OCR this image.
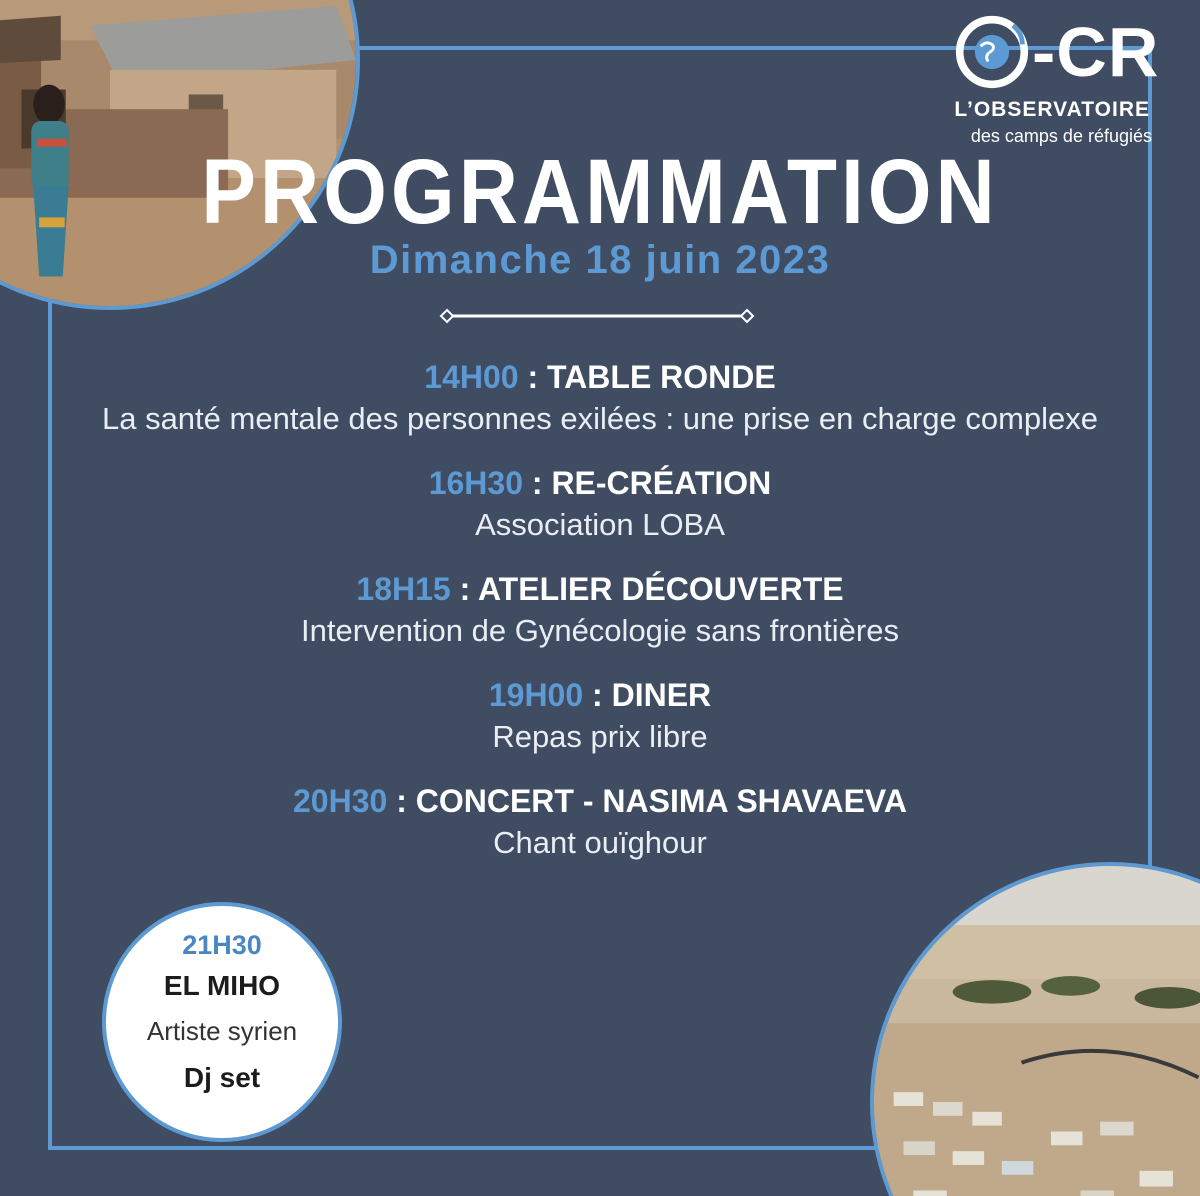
-CR
L’OBSERVATOIRE
des camps de réfugiés
PROGRAMMATION
Dimanche 18 juin 2023
14H00 : TABLE RONDE
La santé mentale des personnes exilées : une prise en charge complexe
16H30 : RE-CRÉATION
Association LOBA
18H15 : ATELIER DÉCOUVERTE
Intervention de Gynécologie sans frontières
19H00 : DINER
Repas prix libre
20H30 : CONCERT - NASIMA SHAVAEVA
Chant ouïghour
21H30
EL MIHO
Artiste syrien
Dj set
